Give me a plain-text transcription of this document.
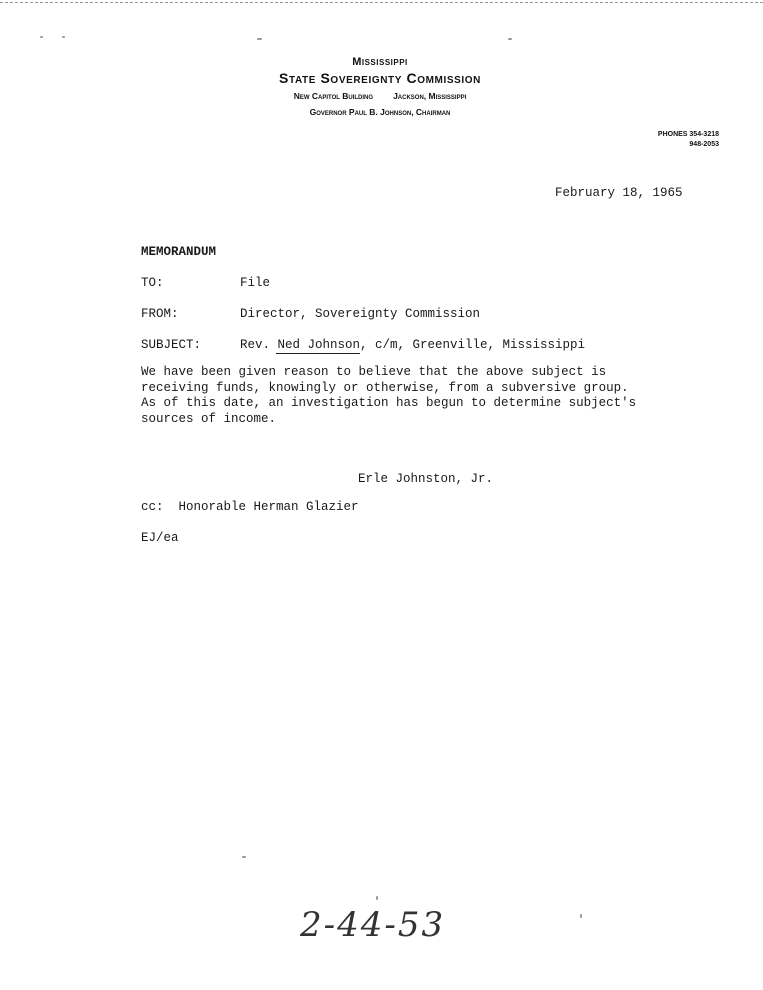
Mississippi
State Sovereignty Commission
New Capitol Building Jackson, Mississippi
Governor Paul B. Johnson, Chairman
PHONES 354-3218
948-2053
February 18, 1965
MEMORANDUM
TO:	File
FROM:	Director, Sovereignty Commission
SUBJECT:	Rev. Ned Johnson, c/m, Greenville, Mississippi

We have been given reason to believe that the above subject is
receiving funds, knowingly or otherwise, from a subversive group.
As of this date, an investigation has begun to determine subject's
sources of income.

Erle Johnston, Jr.
cc:  Honorable Herman Glazier
EJ/ea
2-44-53
